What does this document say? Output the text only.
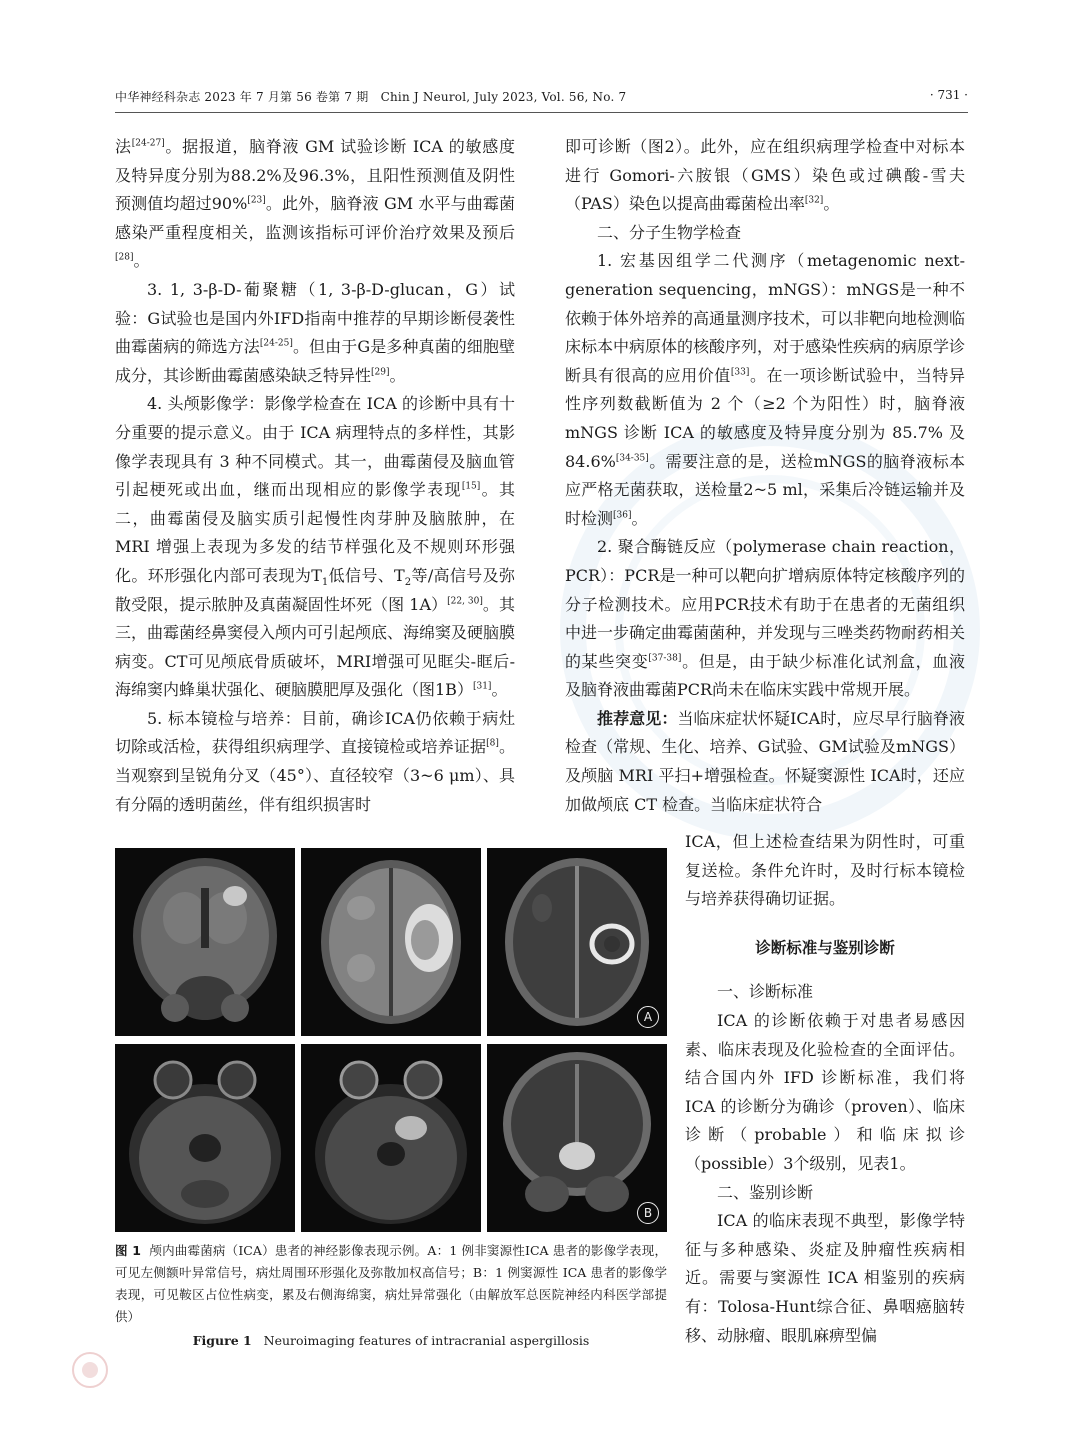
中华神经科杂志 2023 年 7 月第 56 卷第 7 期　Chin J Neurol, July 2023, Vol. 56, No. 7	· 731 ·

法[24-27]。据报道，脑脊液 GM 试验诊断 ICA 的敏感度及特异度分别为88.2%及96.3%，且阳性预测值及阴性预测值均超过90%[23]。此外，脑脊液 GM 水平与曲霉菌感染严重程度相关，监测该指标可评价治疗效果及预后[28]。

3. 1, 3-β-D-葡聚糖（1, 3-β-D-glucan，G）试验：G试验也是国内外IFD指南中推荐的早期诊断侵袭性曲霉菌病的筛选方法[24-25]。但由于G是多种真菌的细胞壁成分，其诊断曲霉菌感染缺乏特异性[29]。

4. 头颅影像学：影像学检查在 ICA 的诊断中具有十分重要的提示意义。由于 ICA 病理特点的多样性，其影像学表现具有 3 种不同模式。其一，曲霉菌侵及脑血管引起梗死或出血，继而出现相应的影像学表现[15]。其二，曲霉菌侵及脑实质引起慢性肉芽肿及脑脓肿，在 MRI 增强上表现为多发的结节样强化及不规则环形强化。环形强化内部可表现为$T_1$低信号、$T_2$等/高信号及弥散受限，提示脓肿及真菌凝固性坏死（图 1A）[22, 30]。其三，曲霉菌经鼻窦侵入颅内可引起颅底、海绵窦及硬脑膜病变。CT可见颅底骨质破坏，MRI增强可见眶尖-眶后-海绵窦内蜂巢状强化、硬脑膜肥厚及强化（图1B）[31]。

5. 标本镜检与培养：目前，确诊ICA仍依赖于病灶切除或活检，获得组织病理学、直接镜检或培养证据[8]。当观察到呈锐角分叉（45°）、直径较窄（3~6 μm）、具有分隔的透明菌丝，伴有组织损害时

即可诊断（图2）。此外，应在组织病理学检查中对标本进行 Gomori-六胺银（GMS）染色或过碘酸-雪夫（PAS）染色以提高曲霉菌检出率[32]。

二、分子生物学检查

1. 宏基因组学二代测序（metagenomic next-generation sequencing，mNGS）：mNGS是一种不依赖于体外培养的高通量测序技术，可以非靶向地检测临床标本中病原体的核酸序列，对于感染性疾病的病原学诊断具有很高的应用价值[33]。在一项诊断试验中，当特异性序列数截断值为 2 个（≥2 个为阳性）时，脑脊液 mNGS 诊断 ICA 的敏感度及特异度分别为 85.7% 及 84.6%[34-35]。需要注意的是，送检mNGS的脑脊液标本应严格无菌获取，送检量2~5 ml，采集后冷链运输并及时检测[36]。

2. 聚合酶链反应（polymerase chain reaction，PCR）：PCR是一种可以靶向扩增病原体特定核酸序列的分子检测技术。应用PCR技术有助于在患者的无菌组织中进一步确定曲霉菌菌种，并发现与三唑类药物耐药相关的某些突变[37-38]。但是，由于缺少标准化试剂盒，血液及脑脊液曲霉菌PCR尚未在临床实践中常规开展。

推荐意见：当临床症状怀疑ICA时，应尽早行脑脊液检查（常规、生化、培养、G试验、GM试验及mNGS）及颅脑 MRI 平扫+增强检查。怀疑窦源性 ICA时，还应加做颅底 CT 检查。当临床症状符合

ICA，但上述检查结果为阴性时，可重复送检。条件允许时，及时行标本镜检与培养获得确切证据。

诊断标准与鉴别诊断

一、诊断标准

ICA 的诊断依赖于对患者易感因素、临床表现及化验检查的全面评估。结合国内外 IFD 诊断标准，我们将 ICA 的诊断分为确诊（proven）、临床诊断（probable）和临床拟诊（possible）3个级别，见表1。

二、鉴别诊断

ICA 的临床表现不典型，影像学特征与多种感染、炎症及肿瘤性疾病相近。需要与窦源性 ICA 相鉴别的疾病有：Tolosa-Hunt综合征、鼻咽癌脑转移、动脉瘤、眼肌麻痹型偏

A
B
图 1 颅内曲霉菌病（ICA）患者的神经影像表现示例。A：1 例非窦源性ICA 患者的影像学表现，可见左侧额叶异常信号，病灶周围环形强化及弥散加权高信号；B：1 例窦源性 ICA 患者的影像学表现，可见鞍区占位性病变，累及右侧海绵窦，病灶异常强化（由解放军总医院神经内科医学部提供）
Figure 1 Neuroimaging features of intracranial aspergillosis
